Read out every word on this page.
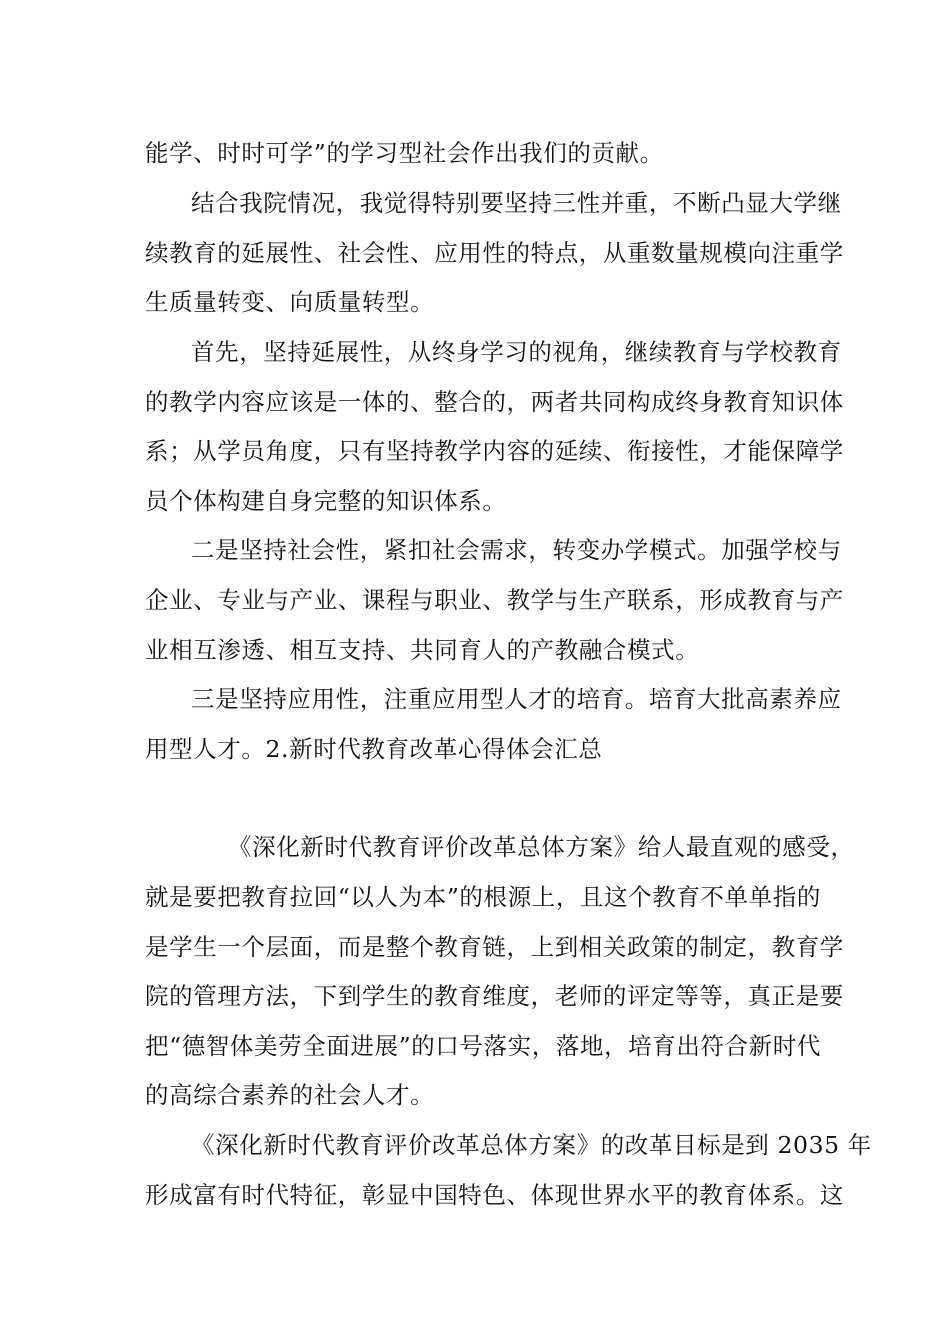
能学、时时可学”的学习型社会作出我们的贡献。
结合我院情况，我觉得特别要坚持三性并重，不断凸显大学继
续教育的延展性、社会性、应用性的特点，从重数量规模向注重学
生质量转变、向质量转型。
首先，坚持延展性，从终身学习的视角，继续教育与学校教育
的教学内容应该是一体的、整合的，两者共同构成终身教育知识体
系；从学员角度，只有坚持教学内容的延续、衔接性，才能保障学
员个体构建自身完整的知识体系。
二是坚持社会性，紧扣社会需求，转变办学模式。加强学校与
企业、专业与产业、课程与职业、教学与生产联系，形成教育与产
业相互渗透、相互支持、共同育人的产教融合模式。
三是坚持应用性，注重应用型人才的培育。培育大批高素养应
用型人才。2.新时代教育改革心得体会汇总
《深化新时代教育评价改革总体方案》给人最直观的感受，
就是要把教育拉回“以人为本”的根源上，且这个教育不单单指的
是学生一个层面，而是整个教育链，上到相关政策的制定，教育学
院的管理方法，下到学生的教育维度，老师的评定等等，真正是要
把“德智体美劳全面进展”的口号落实，落地，培育出符合新时代
的高综合素养的社会人才。
《深化新时代教育评价改革总体方案》的改革目标是到 2035 年
形成富有时代特征，彰显中国特色、体现世界水平的教育体系。这
